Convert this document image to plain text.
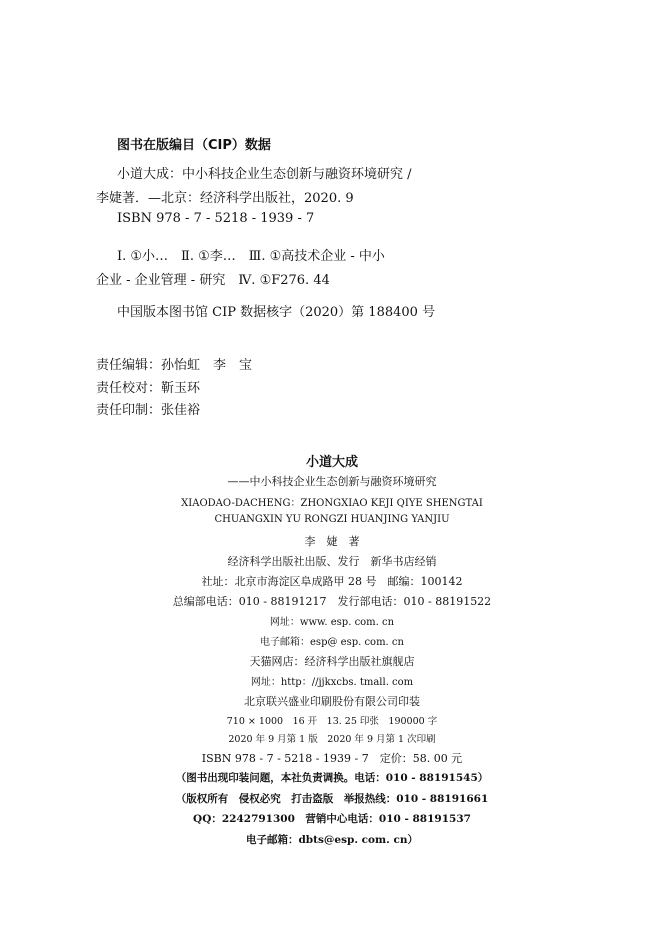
图书在版编目（CIP）数据
小道大成：中小科技企业生态创新与融资环境研究 /
李婕著．—北京：经济科学出版社，2020. 9
ISBN 978 - 7 - 5218 - 1939 - 7
Ⅰ. ①小…　Ⅱ. ①李…　Ⅲ. ①高技术企业 - 中小
企业 - 企业管理 - 研究　Ⅳ. ①F276. 44
中国版本图书馆 CIP 数据核字（2020）第 188400 号
责任编辑：孙怡虹　李　宝
责任校对：靳玉环
责任印制：张佳裕
小道大成
——中小科技企业生态创新与融资环境研究
XIAODAO-DACHENG：ZHONGXIAO KEJI QIYE SHENGTAI
CHUANGXIN YU RONGZI HUANJING YANJIU
李　婕　著
经济科学出版社出版、发行　新华书店经销
社址：北京市海淀区阜成路甲 28 号　邮编：100142
总编部电话：010 - 88191217　发行部电话：010 - 88191522
网址：www. esp. com. cn
电子邮箱：esp@ esp. com. cn
天猫网店：经济科学出版社旗舰店
网址：http：//jjkxcbs. tmall. com
北京联兴盛业印刷股份有限公司印装
710 × 1000　16 开　13. 25 印张　190000 字
2020 年 9 月第 1 版　2020 年 9 月第 1 次印刷
ISBN 978 - 7 - 5218 - 1939 - 7　定价：58. 00 元
（图书出现印装问题，本社负责调换。电话：010 - 88191545）
（版权所有　侵权必究　打击盗版　举报热线：010 - 88191661
QQ：2242791300　营销中心电话：010 - 88191537
电子邮箱：dbts@esp. com. cn）
